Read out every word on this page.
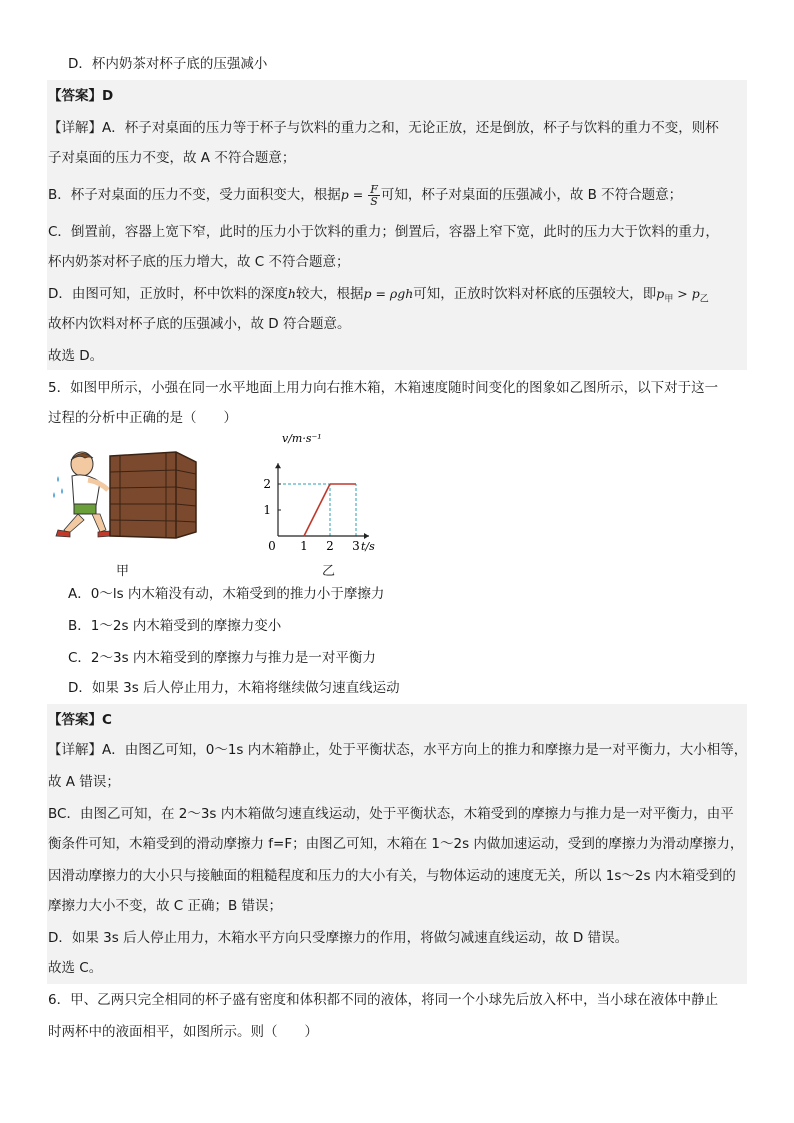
D．杯内奶茶对杯子底的压强减小
【答案】D
【详解】A．杯子对桌面的压力等于杯子与饮料的重力之和，无论正放，还是倒放，杯子与饮料的重力不变，则杯
子对桌面的压力不变，故 A 不符合题意；
B．杯子对桌面的压力不变，受力面积变大，根据$p = \frac{F}{S}$ 可知，杯子对桌面的压强减小，故 B 不符合题意；
C．倒置前，容器上宽下窄，此时的压力小于饮料的重力；倒置后，容器上窄下宽，此时的压力大于饮料的重力，
杯内奶茶对杯子底的压力增大，故 C 不符合题意；
D．由图可知，正放时，杯中饮料的深度h较大，根据p = ρgh可知，正放时饮料对杯底的压强较大，即$p_甲 > p_乙$
故杯内饮料对杯子底的压强减小，故 D 符合题意。
故选 D。
5．如图甲所示，小强在同一水平地面上用力向右推木箱，木箱速度随时间变化的图象如乙图所示，以下对于这一
过程的分析中正确的是（　　）
甲
0 1 2 3
1
2
v/m·s⁻¹
t/s
乙
A．0～ls 内木箱没有动，木箱受到的推力小于摩擦力
B．1～2s 内木箱受到的摩擦力变小
C．2～3s 内木箱受到的摩擦力与推力是一对平衡力
D．如果 3s 后人停止用力，木箱将继续做匀速直线运动
【答案】C
【详解】A．由图乙可知，0～1s 内木箱静止，处于平衡状态，水平方向上的推力和摩擦力是一对平衡力，大小相等，
故 A 错误；
BC．由图乙可知，在 2～3s 内木箱做匀速直线运动，处于平衡状态，木箱受到的摩擦力与推力是一对平衡力，由平
衡条件可知，木箱受到的滑动摩擦力 f=F；由图乙可知，木箱在 1～2s 内做加速运动，受到的摩擦力为滑动摩擦力，
因滑动摩擦力的大小只与接触面的粗糙程度和压力的大小有关，与物体运动的速度无关，所以 1s～2s 内木箱受到的
摩擦力大小不变，故 C 正确；B 错误；
D．如果 3s 后人停止用力，木箱水平方向只受摩擦力的作用，将做匀减速直线运动，故 D 错误。
故选 C。
6．甲、乙两只完全相同的杯子盛有密度和体积都不同的液体，将同一个小球先后放入杯中，当小球在液体中静止
时两杯中的液面相平，如图所示。则（　　）
